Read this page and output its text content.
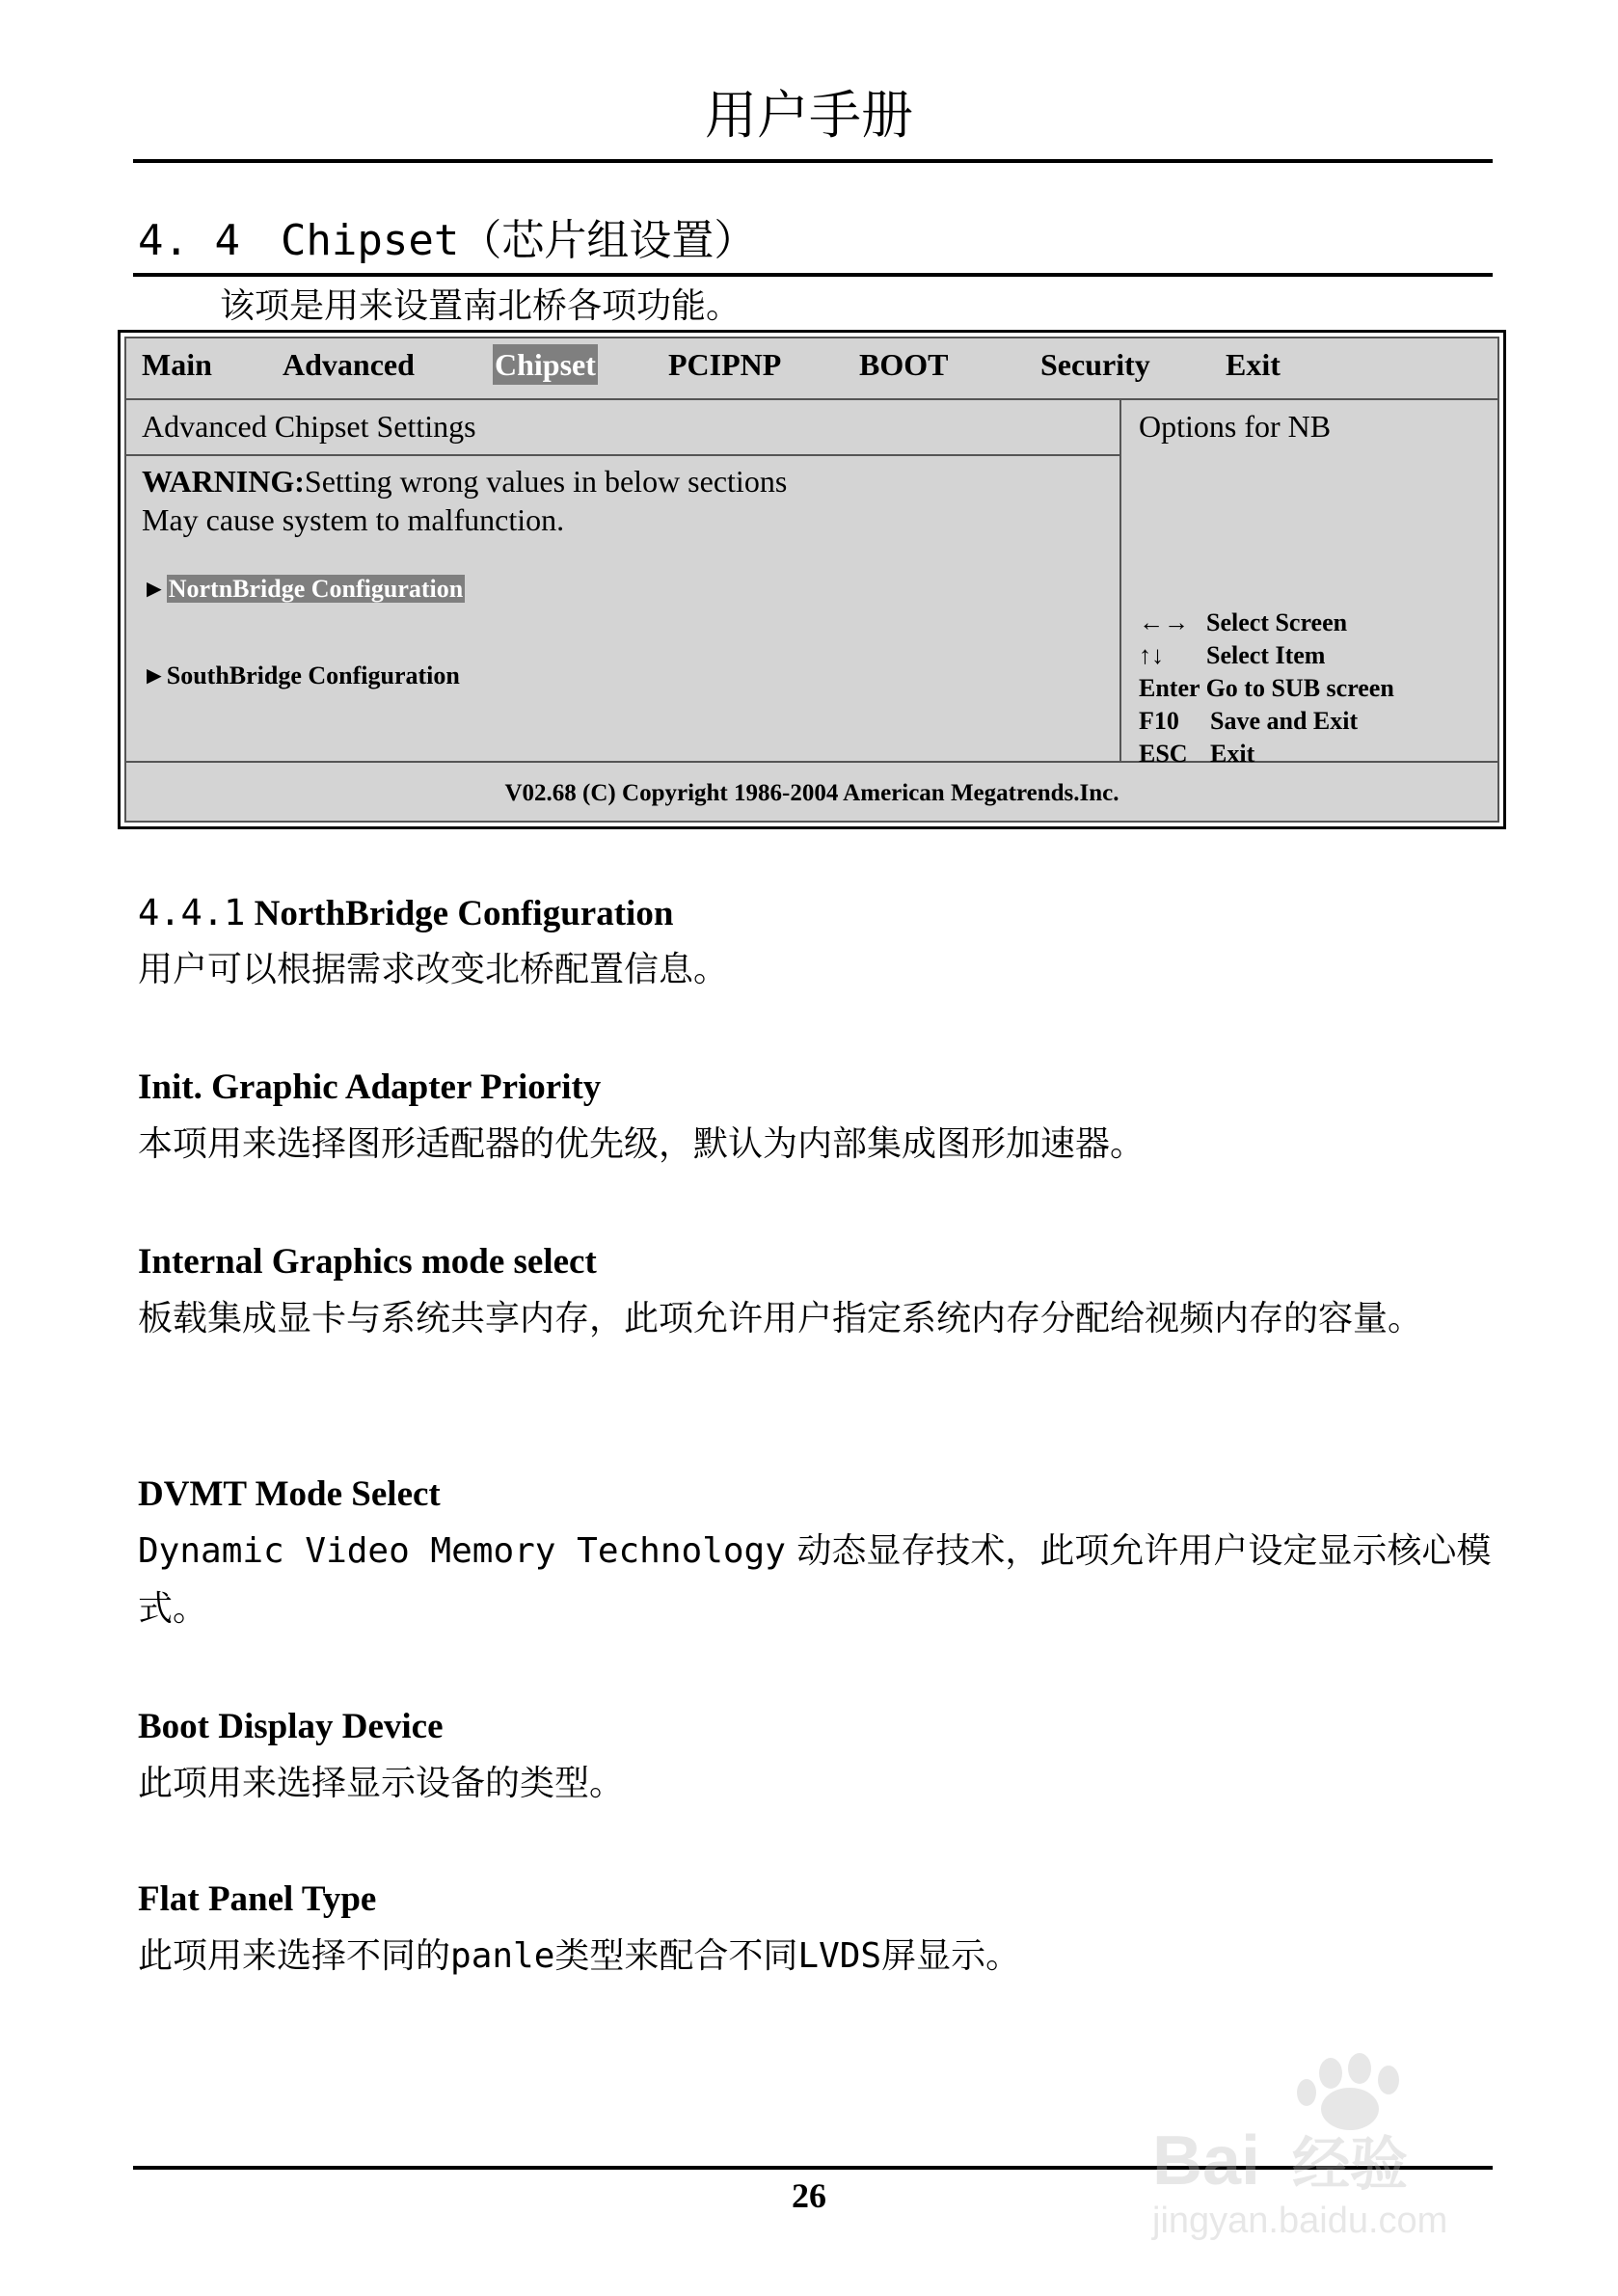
用户手册
4. 4 Chipset（芯片组设置）
该项是用来设置南北桥各项功能。
Main Advanced	Chipset PCIPNP	BOOT	Security Exit
Advanced Chipset Settings	Options for NB
WARNING:Setting wrong values in below sections
May cause system to malfunction.
►NortnBridge Configuration
►SouthBridge Configuration
←→ Select Screen
↑↓ Select Item
Enter Go to SUB screen
F10 Save and Exit
ESC Exit
V02.68 (C) Copyright 1986-2004 American Megatrends.Inc.
4.4.1 NorthBridge Configuration
用户可以根据需求改变北桥配置信息。
Init. Graphic Adapter Priority
本项用来选择图形适配器的优先级，默认为内部集成图形加速器。
Internal Graphics mode select
板载集成显卡与系统共享内存，此项允许用户指定系统内存分配给视频内存的容量。
DVMT Mode Select
Dynamic Video Memory Technology 动态显存技术，此项允许用户设定显示核心模式。
Boot Display Device
此项用来选择显示设备的类型。
Flat Panel Type
此项用来选择不同的panle类型来配合不同LVDS屏显示。
26	Bai 经验
jingyan.baidu.com
